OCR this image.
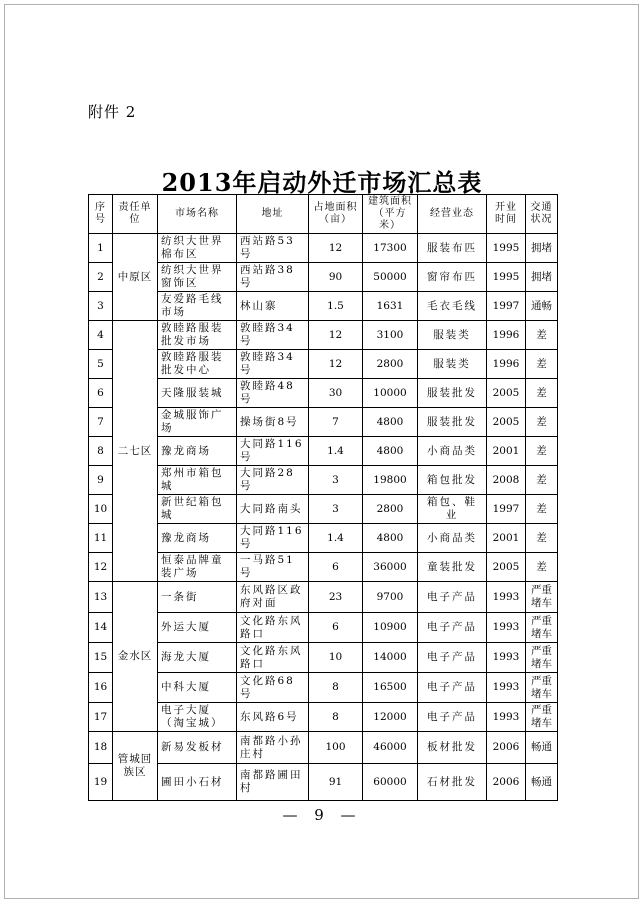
附件 2
2013年启动外迁市场汇总表
序号	责任单位	市场名称	地址	占地面积（亩）	建筑面积（平方米）	经营业态	开业时间	交通状况
1	中原区	纺织大世界棉布区	西站路53号	12	17300	服装布匹	1995	拥堵
2		纺织大世界窗饰区	西站路38号	90	50000	窗帘布匹	1995	拥堵
3		友爱路毛线市场	林山寨	1.5	1631	毛衣毛线	1997	通畅
4	二七区	敦睦路服装批发市场	敦睦路34号	12	3100	服装类	1996	差
5		敦睦路服装批发中心	敦睦路34号	12	2800	服装类	1996	差
6		天隆服装城	敦睦路48号	30	10000	服装批发	2005	差
7		金城服饰广场	操场街8号	7	4800	服装批发	2005	差
8		豫龙商场	大同路116号	1.4	4800	小商品类	2001	差
9		郑州市箱包城	大同路28号	3	19800	箱包批发	2008	差
10		新世纪箱包城	大同路南头	3	2800	箱包、鞋业	1997	差
11		豫龙商场	大同路116号	1.4	4800	小商品类	2001	差
12		恒泰品牌童装广场	一马路51号	6	36000	童装批发	2005	差
13	金水区	一条街	东风路区政府对面	23	9700	电子产品	1993	严重堵车
14		外运大厦	文化路东风路口	6	10900	电子产品	1993	严重堵车
15		海龙大厦	文化路东风路口	10	14000	电子产品	1993	严重堵车
16		中科大厦	文化路68号	8	16500	电子产品	1993	严重堵车
17		电子大厦（淘宝城）	东风路6号	8	12000	电子产品	1993	严重堵车
18	管城回族区	新易发板材	南都路小孙庄村	100	46000	板材批发	2006	畅通
19		圃田小石材	南都路圃田村	91	60000	石材批发	2006	畅通
— 9 —
